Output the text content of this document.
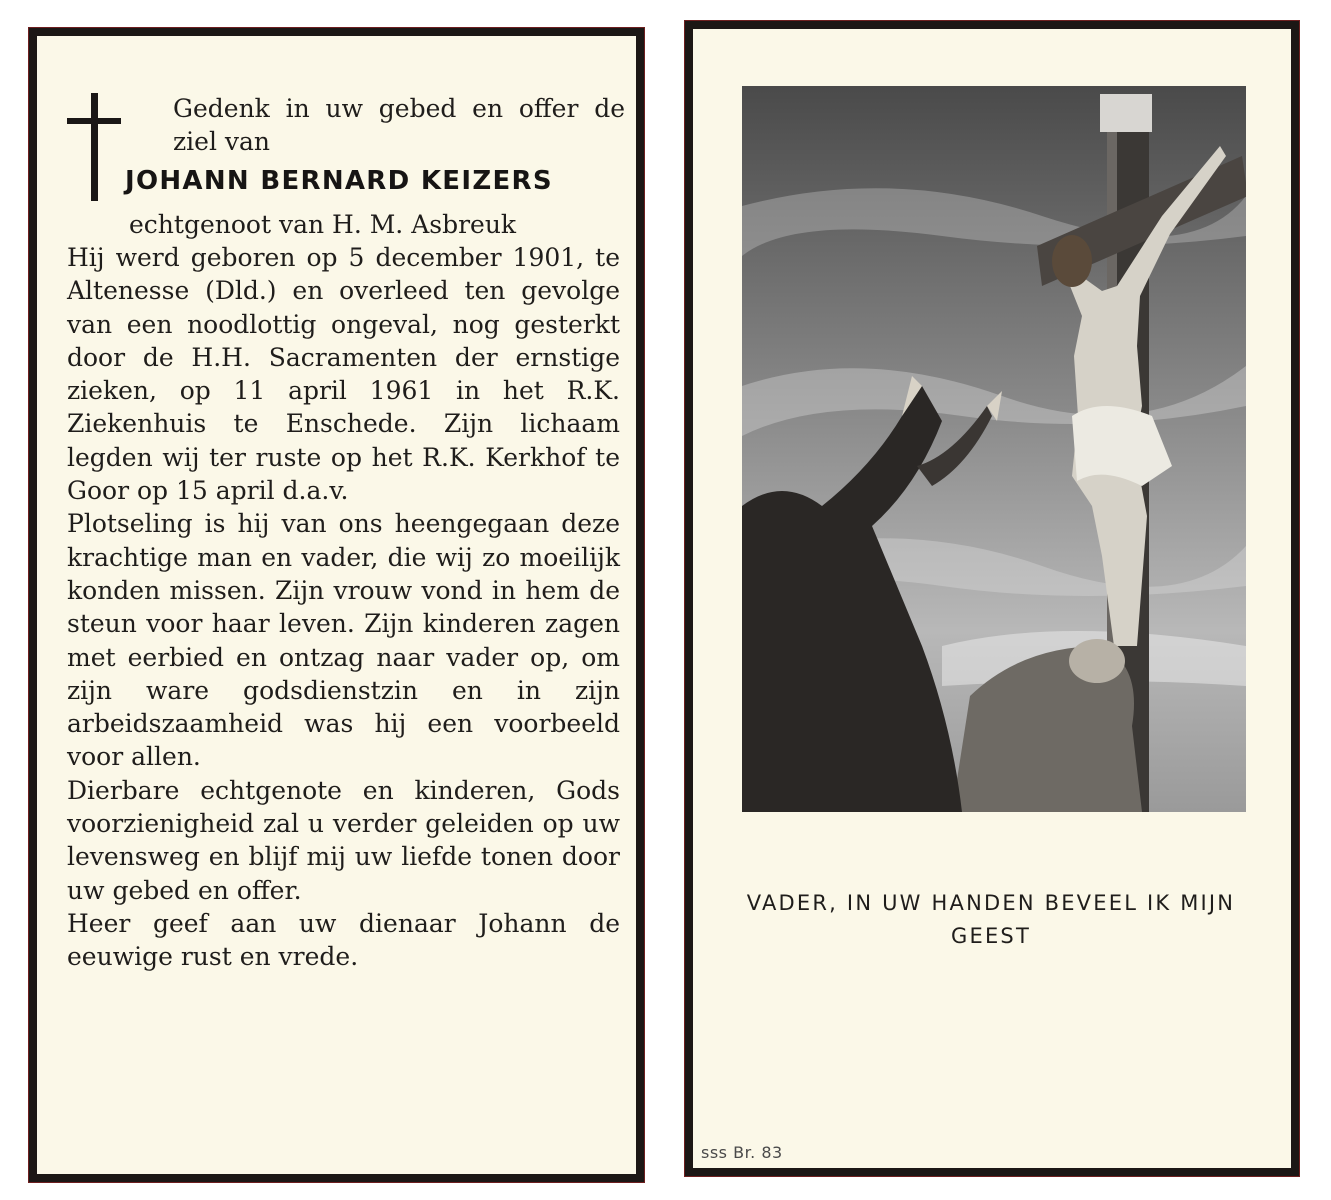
Gedenk in uw gebed en offer de ziel van
JOHANN BERNARD KEIZERS
echtgenoot van H. M. Asbreuk
Hij werd geboren op 5 december 1901, te Altenesse (Dld.) en overleed ten gevolge van een noodlottig ongeval, nog gesterkt door de H.H. Sacramenten der ernstige zieken, op 11 april 1961 in het R.K. Ziekenhuis te Enschede. Zijn lichaam legden wij ter ruste op het R.K. Kerkhof te Goor op 15 april d.a.v.
Plotseling is hij van ons heengegaan deze krachtige man en vader, die wij zo moeilijk konden missen. Zijn vrouw vond in hem de steun voor haar leven. Zijn kinderen zagen met eerbied en ontzag naar vader op, om zijn ware godsdienstzin en in zijn arbeidszaamheid was hij een voorbeeld voor allen.
Dierbare echtgenote en kinderen, Gods voorzienigheid zal u verder geleiden op uw levensweg en blijf mij uw liefde tonen door uw gebed en offer.
Heer geef aan uw dienaar Johann de eeuwige rust en vrede.
VADER, IN UW HANDEN BEVEEL IK MIJN GEEST
sss Br. 83
